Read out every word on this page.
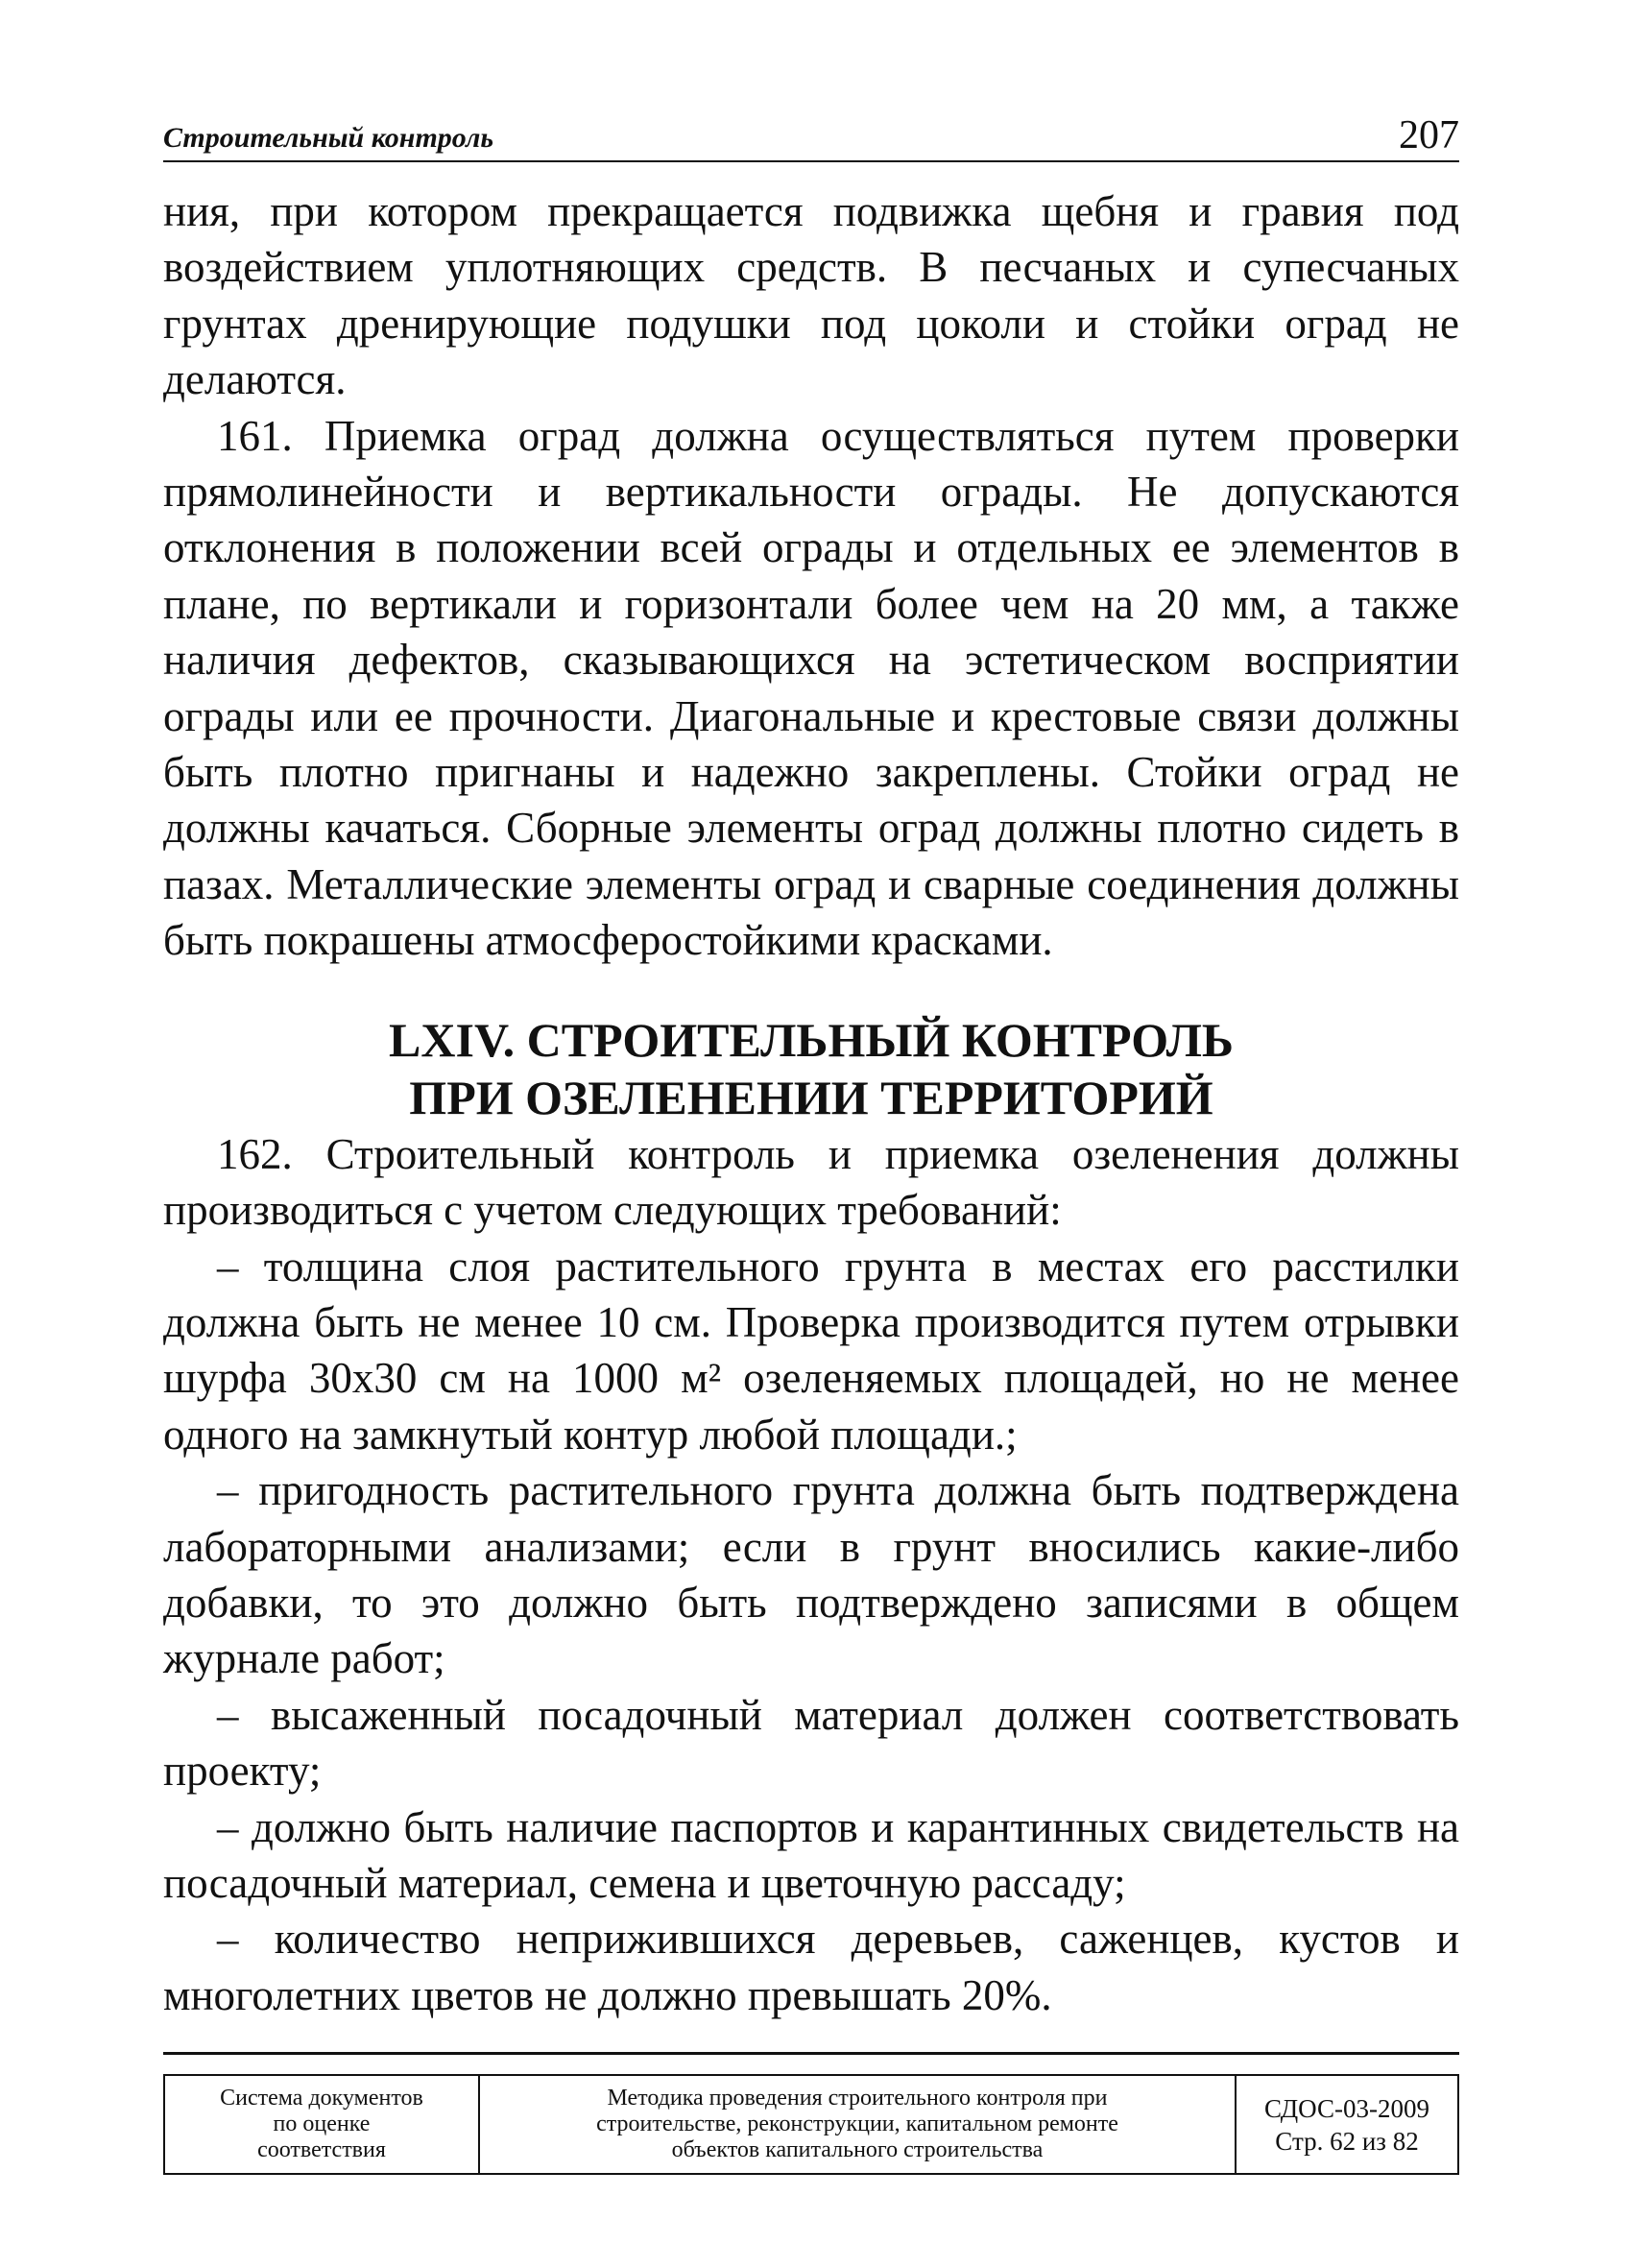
Строительный контроль	207

ния, при котором прекращается подвижка щебня и гравия под воздействием уплотняющих средств. В песчаных и супесчаных грунтах дренирующие подушки под цоколи и стойки оград не делаются.

161. Приемка оград должна осуществляться путем проверки прямолинейности и вертикальности ограды. Не допускаются отклонения в положении всей ограды и отдельных ее элементов в плане, по вертикали и горизонтали более чем на 20 мм, а также наличия дефектов, сказывающихся на эстетическом восприятии ограды или ее прочности. Диагональные и крестовые связи должны быть плотно пригнаны и надежно закреплены. Стойки оград не должны качаться. Сборные элементы оград должны плотно сидеть в пазах. Металлические элементы оград и сварные соединения должны быть покрашены атмосферостойкими красками.

LXIV. СТРОИТЕЛЬНЫЙ КОНТРОЛЬ
ПРИ ОЗЕЛЕНЕНИИ ТЕРРИТОРИЙ

162. Строительный контроль и приемка озеленения должны производиться с учетом следующих требований:

– толщина слоя растительного грунта в местах его расстилки должна быть не менее 10 см. Проверка производится путем отрывки шурфа 30х30 см на 1000 м² озеленяемых площадей, но не менее одного на замкнутый контур любой площади.;

– пригодность растительного грунта должна быть подтверждена лабораторными анализами; если в грунт вносились какие-либо добавки, то это должно быть подтверждено записями в общем журнале работ;

– высаженный посадочный материал должен соответствовать проекту;

– должно быть наличие паспортов и карантинных свидетельств на посадочный материал, семена и цветочную рассаду;

– количество неприжившихся деревьев, саженцев, кустов и многолетних цветов не должно превышать 20%.

Система документов
по оценке
соответствия

Методика проведения строительного контроля при
строительстве, реконструкции, капитальном ремонте
объектов капитального строительства

СДОС-03-2009
Стр. 62 из 82
